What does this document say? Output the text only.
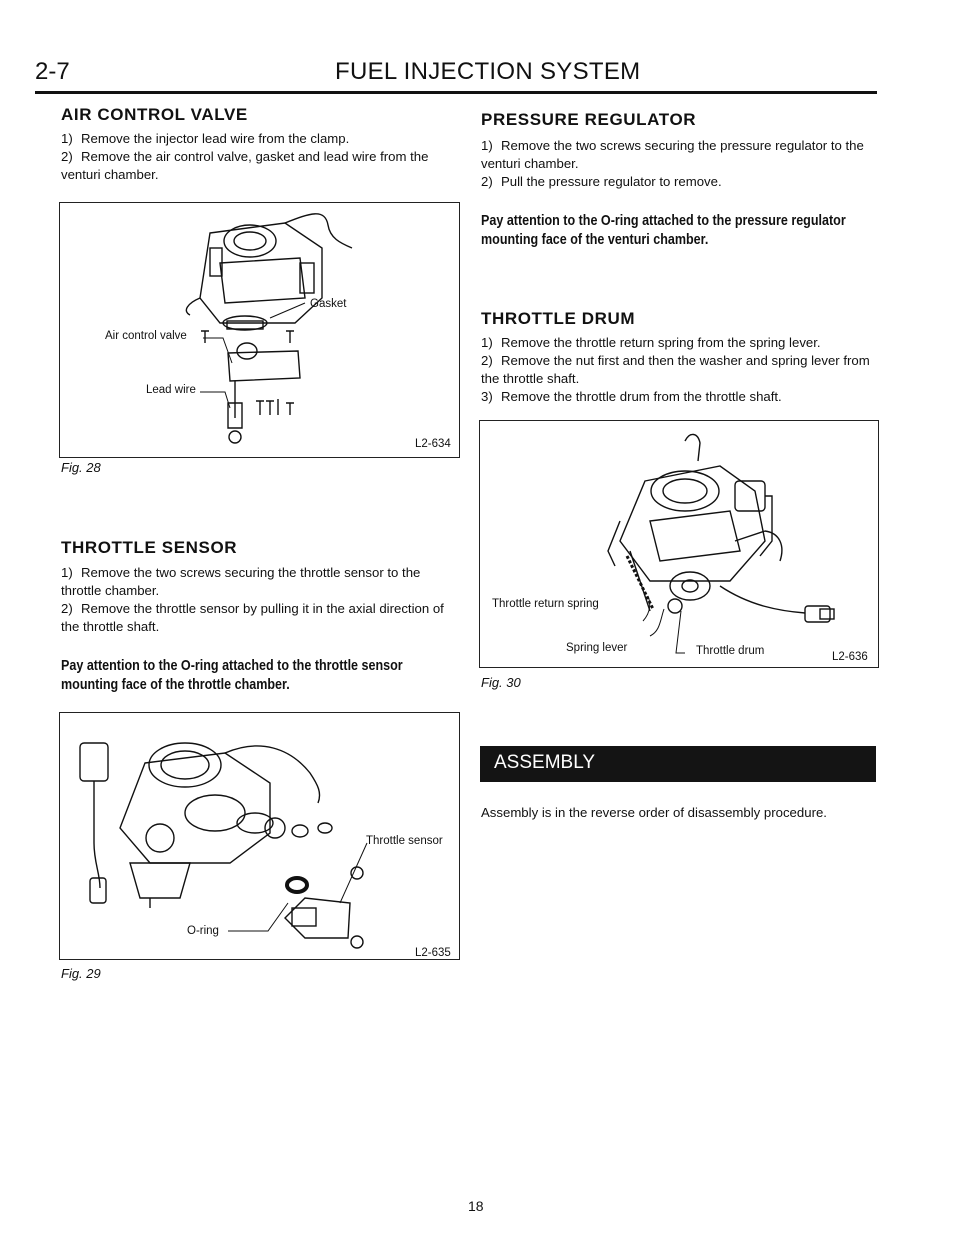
2-7	FUEL INJECTION SYSTEM
AIR CONTROL VALVE

1) Remove the injector lead wire from the clamp.

2) Remove the air control valve, gasket and lead wire from the venturi chamber.

Gasket
Air control valve
Lead wire
L2-634
Fig. 28
THROTTLE SENSOR

1) Remove the two screws securing the throttle sensor to the throttle chamber.

2) Remove the throttle sensor by pulling it in the axial direction of the throttle shaft.

Pay attention to the O-ring attached to the throttle sensor mounting face of the throttle chamber.
Throttle sensor
O-ring
L2-635
Fig. 29
PRESSURE REGULATOR

1) Remove the two screws securing the pressure regulator to the venturi chamber.

2) Pull the pressure regulator to remove.

Pay attention to the O-ring attached to the pressure regulator mounting face of the venturi chamber.
THROTTLE DRUM

1) Remove the throttle return spring from the spring lever.

2) Remove the nut first and then the washer and spring lever from the throttle shaft.

3) Remove the throttle drum from the throttle shaft.

Throttle return spring
Spring lever	Throttle drum	L2-636
Fig. 30
ASSEMBLY
Assembly is in the reverse order of disassembly procedure.
18
